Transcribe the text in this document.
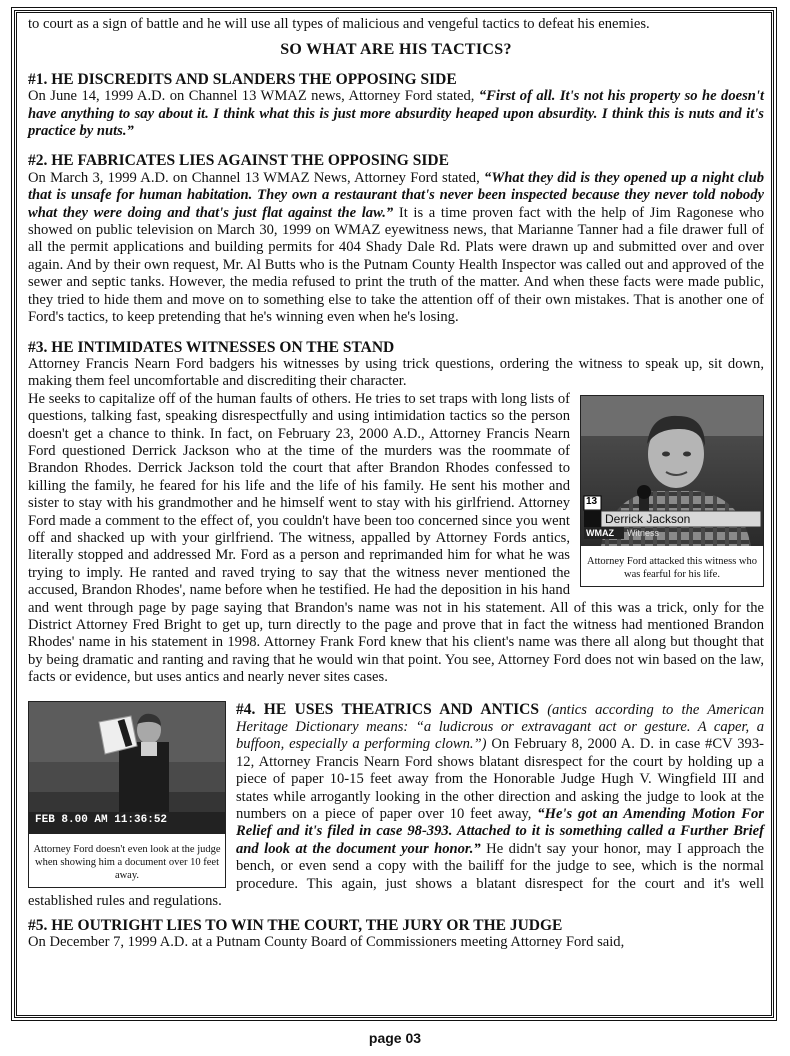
to court as a sign of battle and he will use all types of malicious and vengeful tactics to defeat his enemies.

SO WHAT ARE HIS TACTICS?
#1. HE DISCREDITS AND SLANDERS THE OPPOSING SIDE

On June 14, 1999 A.D. on Channel 13 WMAZ news, Attorney Ford stated, “First of all. It's not his property so he doesn't have anything to say about it. I think what this is just more absurdity heaped upon absurdity. I think this is nuts and it's practice by nuts.”

#2. HE FABRICATES LIES AGAINST THE OPPOSING SIDE

On March 3, 1999 A.D. on Channel 13 WMAZ News, Attorney Ford stated, “What they did is they opened up a night club that is unsafe for human habitation. They own a restaurant that's never been inspected because they never told nobody what they were doing and that's just flat against the law.” It is a time proven fact with the help of Jim Ragonese who showed on public television on March 30, 1999 on WMAZ eyewitness news, that Marianne Tanner had a file drawer full of all the permit applications and building permits for 404 Shady Dale Rd. Plats were drawn up and submitted over and over again. And by their own request, Mr. Al Butts who is the Putnam County Health Inspector was called out and approved of the sewer and septic tanks. However, the media refused to print the truth of the matter. And when these facts were made public, they tried to hide them and move on to something else to take the attention off of their own mistakes. That is another one of Ford's tactics, to keep pretending that he's winning even when he's losing.

#3. HE INTIMIDATES WITNESSES ON THE STAND

Attorney Francis Nearn Ford badgers his witnesses by using trick questions, ordering the witness to speak up, sit down, making them feel uncomfortable and discrediting their character.

13
Derrick Jackson
WMAZ Witness
Attorney Ford attacked this witness who was fearful for his life.

He seeks to capitalize off of the human faults of others. He tries to set traps with long lists of questions, talking fast, speaking disrespectfully and using intimidation tactics so the person doesn't get a chance to think. In fact, on February 23, 2000 A.D., Attorney Francis Nearn Ford questioned Derrick Jackson who at the time of the murders was the roommate of Brandon Rhodes. Derrick Jackson told the court that after Brandon Rhodes confessed to killing the family, he feared for his life and the life of his family. He sent his mother and sister to stay with his grandmother and he himself went to stay with his girlfriend. Attorney Ford made a comment to the effect of, you couldn't have been too concerned since you went off and shacked up with your girlfriend. The witness, appalled by Attorney Fords antics, literally stopped and addressed Mr. Ford as a person and reprimanded him for what he was trying to imply. He ranted and raved trying to say that the witness never mentioned the accused, Brandon Rhodes', name before when he testified. He had the deposition in his hand and went through page by page saying that Brandon's name was not in his statement. All of this was a trick, only for the District Attorney Fred Bright to get up, turn directly to the page and prove that in fact the witness had mentioned Brandon Rhodes' name in his statement in 1998. Attorney Frank Ford knew that his client's name was there all along but thought that by being dramatic and ranting and raving that he would win that point. You see, Attorney Ford does not win based on the law, facts or evidence, but uses antics and nearly never sites cases.

FEB 8.00 AM 11:36:52
Attorney Ford doesn't even look at the judge when showing him a document over 10 feet away.

#4. HE USES THEATRICS AND ANTICS (antics according to the American Heritage Dictionary means: “a ludicrous or extravagant act or gesture. A caper, a buffoon, especially a performing clown.”) On February 8, 2000 A. D. in case #CV 393-12, Attorney Francis Nearn Ford shows blatant disrespect for the court by holding up a piece of paper 10-15 feet away from the Honorable Judge Hugh V. Wingfield III and states while arrogantly looking in the other direction and asking the judge to look at the numbers on a piece of paper over 10 feet away, “He's got an Amending Motion For Relief and it's filed in case 98-393. Attached to it is something called a Further Brief and look at the document your honor.” He didn't say your honor, may I approach the bench, or even send a copy with the bailiff for the judge to see, which is the normal procedure. This again, just shows a blatant disrespect for the court and it's well established rules and regulations.

#5. HE OUTRIGHT LIES TO WIN THE COURT, THE JURY OR THE JUDGE

On December 7, 1999 A.D. at a Putnam County Board of Commissioners meeting Attorney Ford said,

page 03
